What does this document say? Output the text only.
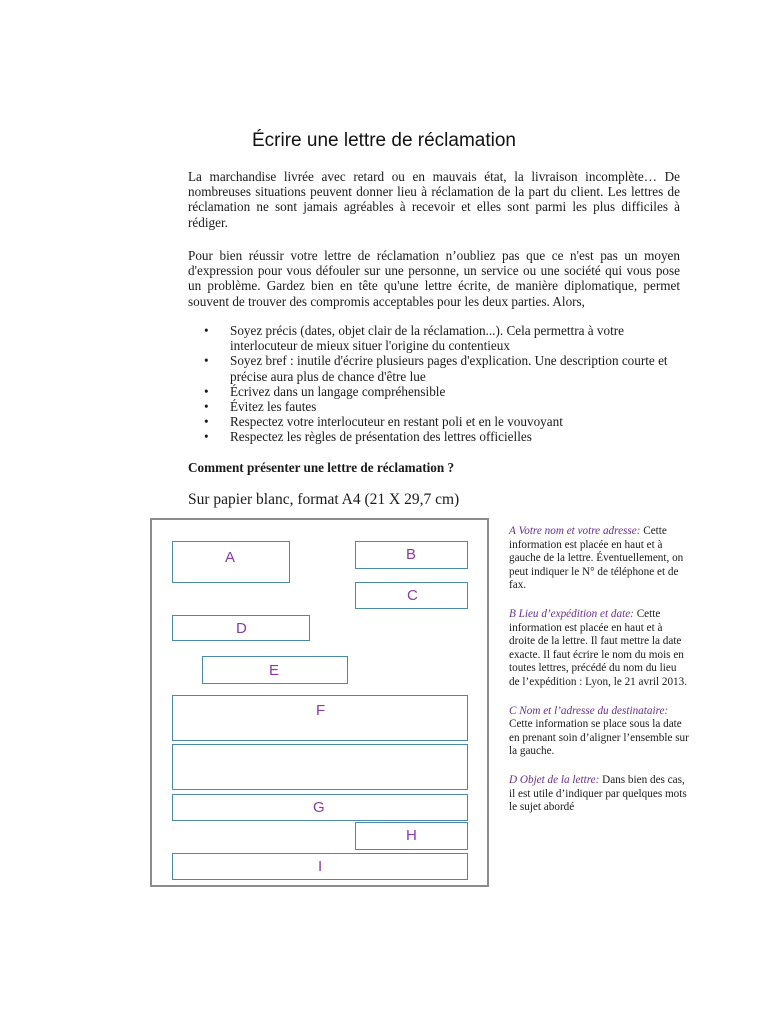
Écrire une lettre de réclamation

La marchandise livrée avec retard ou en mauvais état, la livraison incomplète… De nombreuses situations peuvent donner lieu à réclamation de la part du client. Les lettres de réclamation ne sont jamais agréables à recevoir et elles sont parmi les plus difficiles à rédiger.

Pour bien réussir votre lettre de réclamation n’oubliez pas que ce n'est pas un moyen d'expression pour vous défouler sur une personne, un service ou une société qui vous pose un problème. Gardez bien en tête qu'une lettre écrite, de manière diplomatique, permet souvent de trouver des compromis acceptables pour les deux parties. Alors,

• Soyez précis (dates, objet clair de la réclamation...). Cela permettra à votre interlocuteur de mieux situer l'origine du contentieux
• Soyez bref : inutile d'écrire plusieurs pages d'explication. Une description courte et précise aura plus de chance d'être lue
• Écrivez dans un langage compréhensible
• Évitez les fautes
• Respectez votre interlocuteur en restant poli et en le vouvoyant
• Respectez les règles de présentation des lettres officielles
Comment présenter une lettre de réclamation ?
Sur papier blanc, format A4 (21 X 29,7 cm)
A	B
C
D
E
F
G
H
I

A Votre nom et votre adresse: Cette information est placée en haut et à gauche de la lettre. Éventuellement, on peut indiquer le N° de téléphone et de fax.

B Lieu d’expédition et date: Cette information est placée en haut et à droite de la lettre. Il faut mettre la date exacte. Il faut écrire le nom du mois en toutes lettres, précédé du nom du lieu de l’expédition : Lyon, le 21 avril 2013.

C Nom et l’adresse du destinataire: Cette information se place sous la date en prenant soin d’aligner l’ensemble sur la gauche.

D Objet de la lettre: Dans bien des cas, il est utile d’indiquer par quelques mots le sujet abordé
